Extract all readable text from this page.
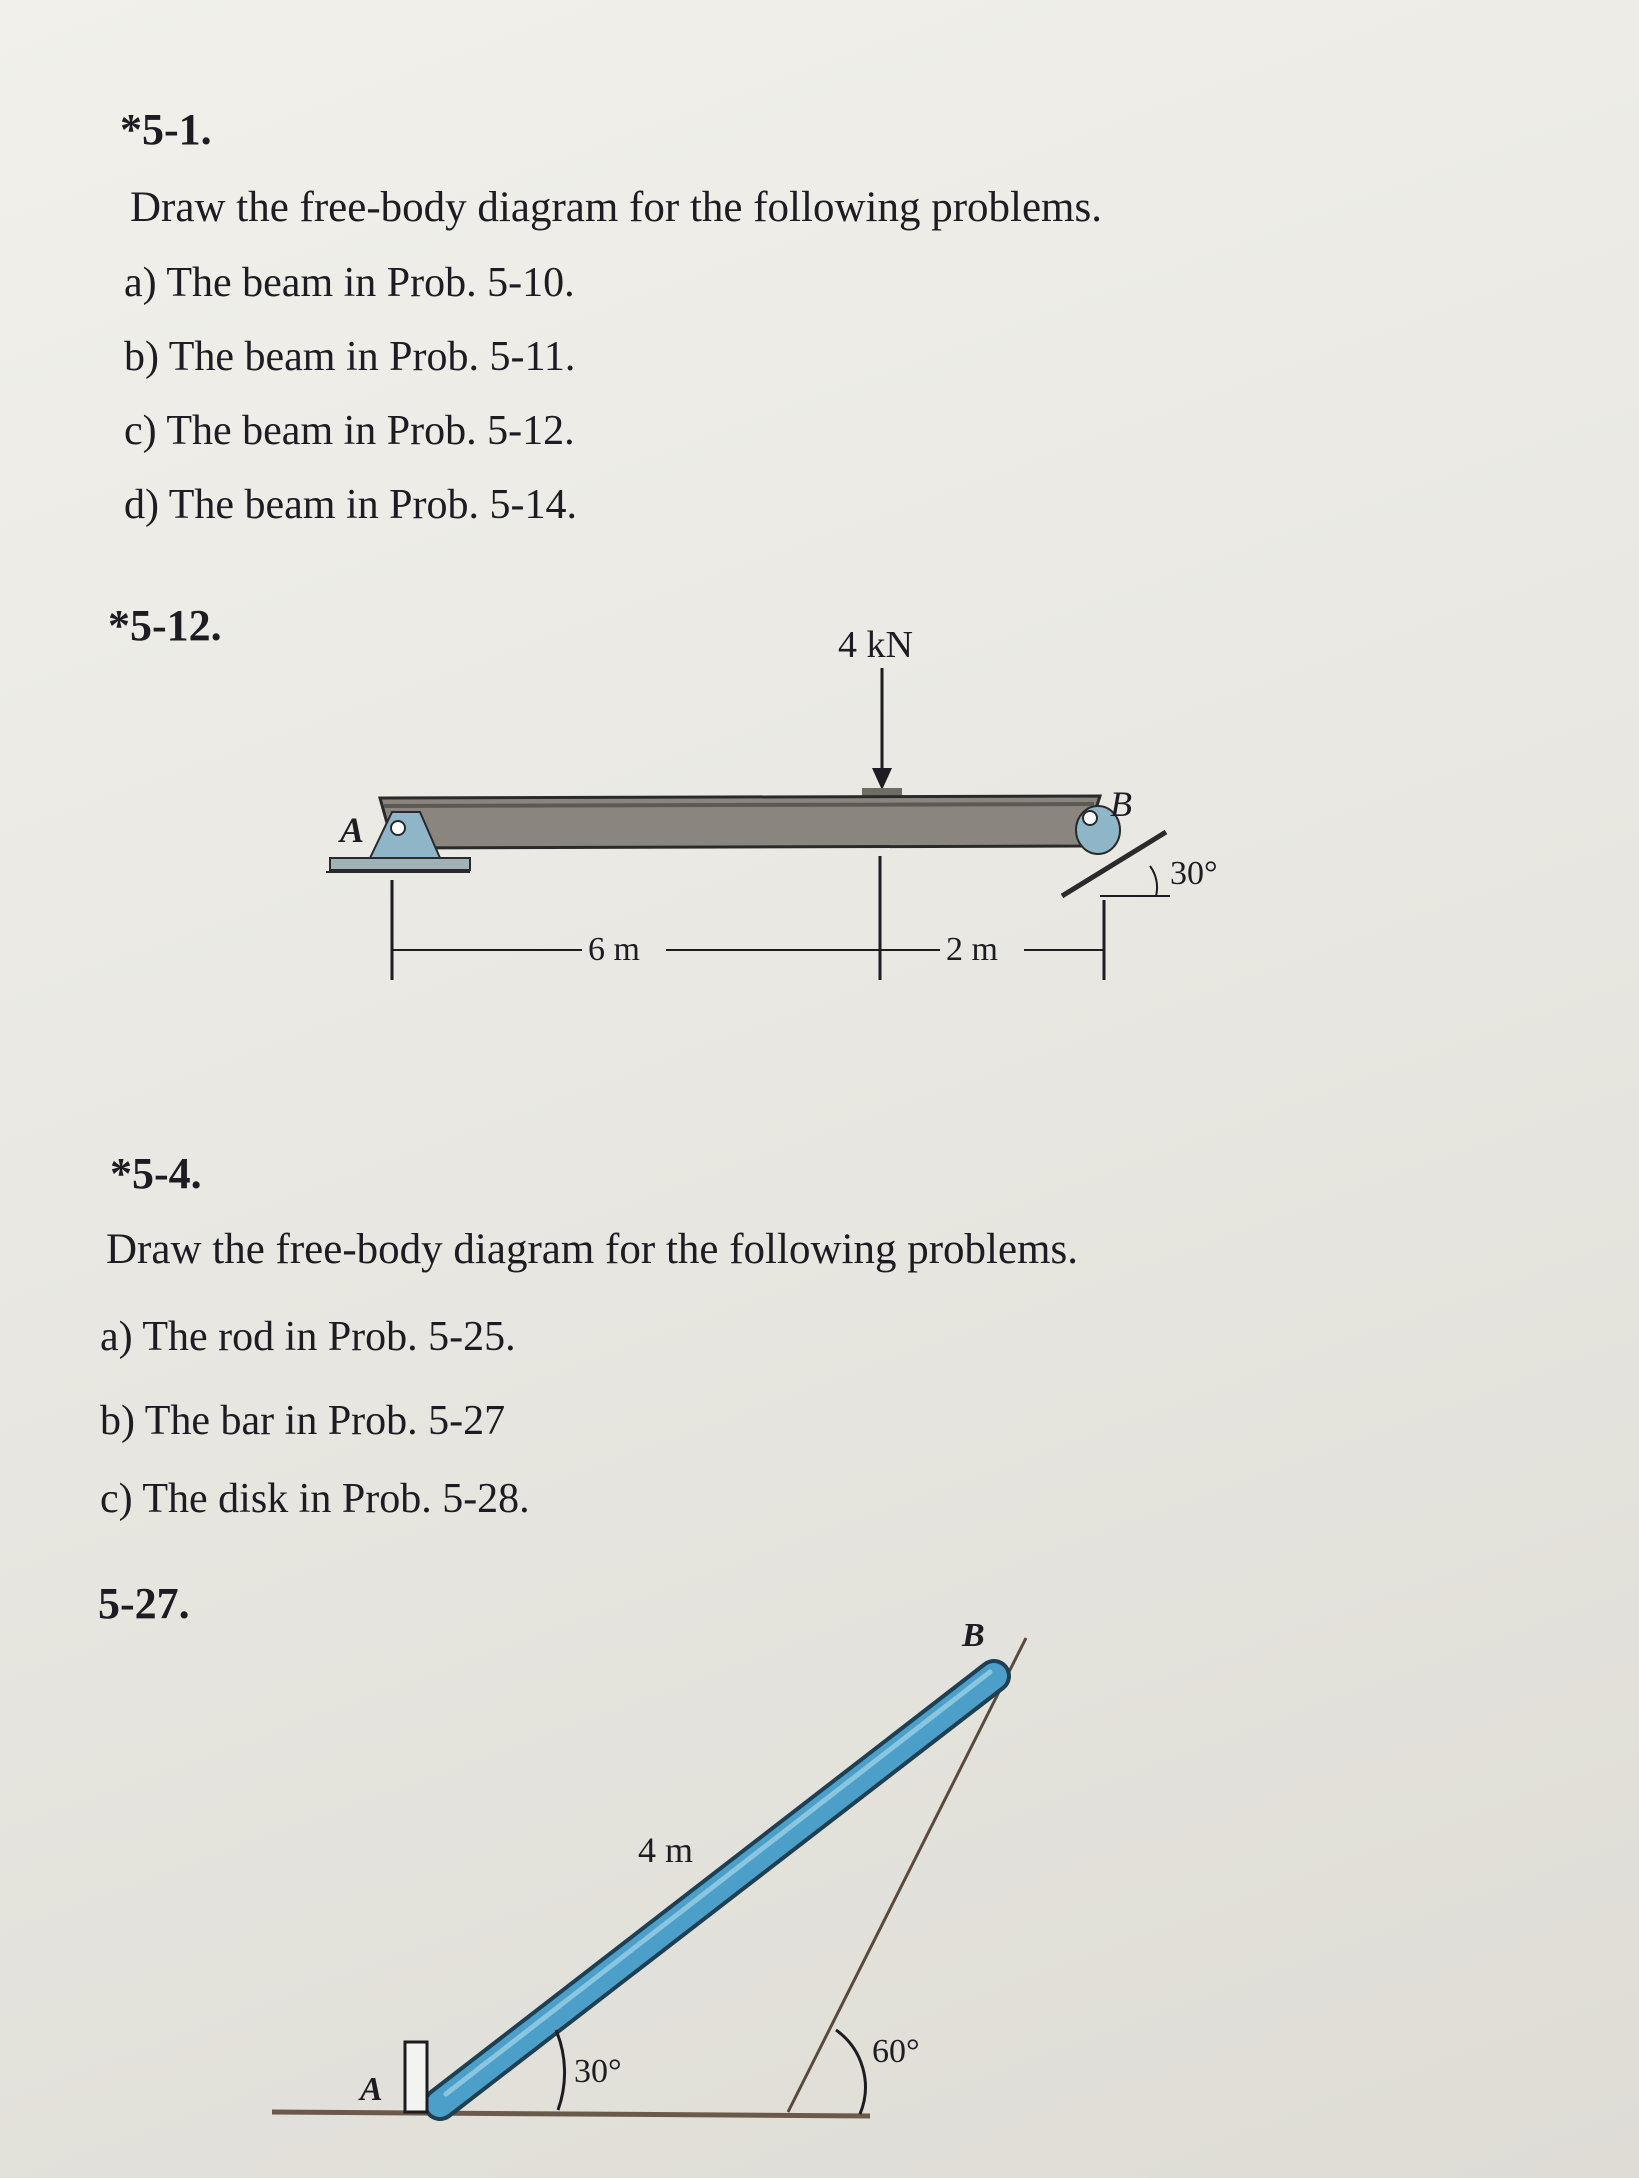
*5-1.
Draw the free-body diagram for the following problems.
a) The beam in Prob. 5-10.
b) The beam in Prob. 5-11.
c) The beam in Prob. 5-12.
d) The beam in Prob. 5-14.
*5-12.	4 kN
A
B
30°
6 m	2 m
*5-4.
Draw the free-body diagram for the following problems.
a) The rod in Prob. 5-25.
b) The bar in Prob. 5-27
c) The disk in Prob. 5-28.
5-27.
A
B
4 m
30°
60°
